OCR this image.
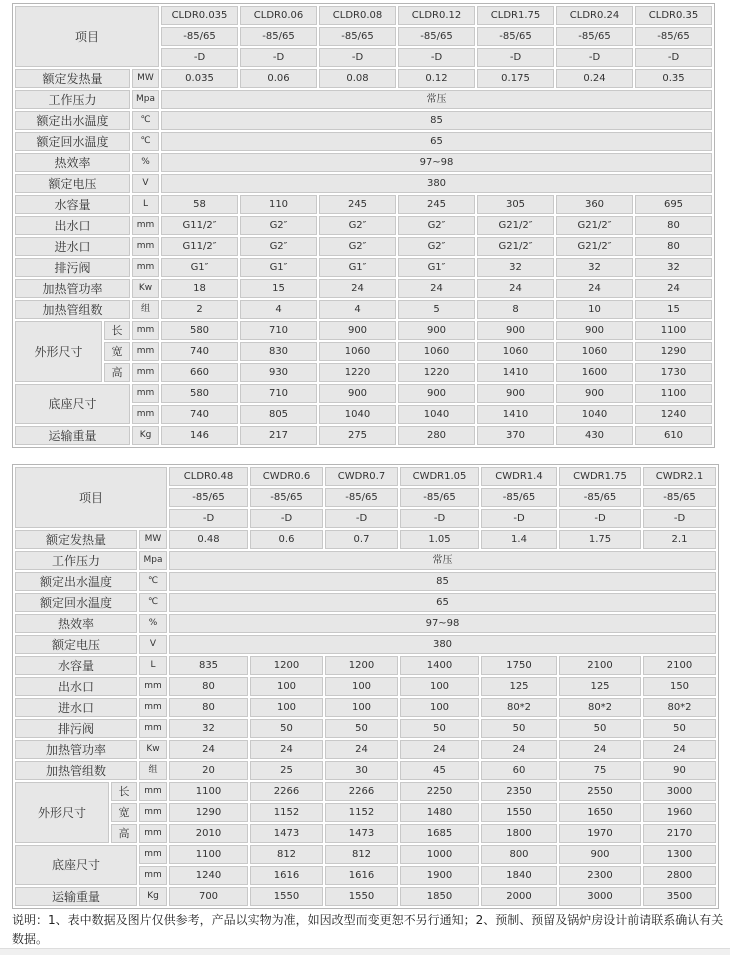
项目			CLDR0.035	CLDR0.06	CLDR0.08	CLDR0.12	CLDR1.75	CLDR0.24	CLDR0.35
			-85/65	-85/65	-85/65	-85/65	-85/65	-85/65	-85/65
			-D	-D	-D	-D	-D	-D	-D
额定发热量		MW	0.035	0.06	0.08	0.12	0.175	0.24	0.35
工作压力		Mpa	常压						
额定出水温度		℃	85						
额定回水温度		℃	65						
热效率		%	97~98						
额定电压		V	380						
水容量		L	58	110	245	245	305	360	695
出水口		mm	G11/2″	G2″	G2″	G2″	G21/2″	G21/2″	80
进水口		mm	G11/2″	G2″	G2″	G2″	G21/2″	G21/2″	80
排污阀		mm	G1″	G1″	G1″	G1″	32	32	32
加热管功率		Kw	18	15	24	24	24	24	24
加热管组数		组	2	4	4	5	8	10	15
外形尺寸	长	mm	580	710	900	900	900	900	1100
	宽	mm	740	830	1060	1060	1060	1060	1290
	高	mm	660	930	1220	1220	1410	1600	1730
底座尺寸		mm	580	710	900	900	900	900	1100
		mm	740	805	1040	1040	1410	1040	1240
运输重量		Kg	146	217	275	280	370	430	610
项目			CLDR0.48	CWDR0.6	CWDR0.7	CWDR1.05	CWDR1.4	CWDR1.75	CWDR2.1
			-85/65	-85/65	-85/65	-85/65	-85/65	-85/65	-85/65
			-D	-D	-D	-D	-D	-D	-D
额定发热量		MW	0.48	0.6	0.7	1.05	1.4	1.75	2.1
工作压力		Mpa	常压						
额定出水温度		℃	85						
额定回水温度		℃	65						
热效率		%	97~98						
额定电压		V	380						
水容量		L	835	1200	1200	1400	1750	2100	2100
出水口		mm	80	100	100	100	125	125	150
进水口		mm	80	100	100	100	80*2	80*2	80*2
排污阀		mm	32	50	50	50	50	50	50
加热管功率		Kw	24	24	24	24	24	24	24
加热管组数		组	20	25	30	45	60	75	90
外形尺寸	长	mm	1100	2266	2266	2250	2350	2550	3000
	宽	mm	1290	1152	1152	1480	1550	1650	1960
	高	mm	2010	1473	1473	1685	1800	1970	2170
底座尺寸		mm	1100	812	812	1000	800	900	1300
		mm	1240	1616	1616	1900	1840	2300	2800
运输重量		Kg	700	1550	1550	1850	2000	3000	3500
说明：1、表中数据及图片仅供参考，产品以实物为准，如因改型而变更恕不另行通知；2、预制、预留及锅炉房设计前请联系确认有关数据。
